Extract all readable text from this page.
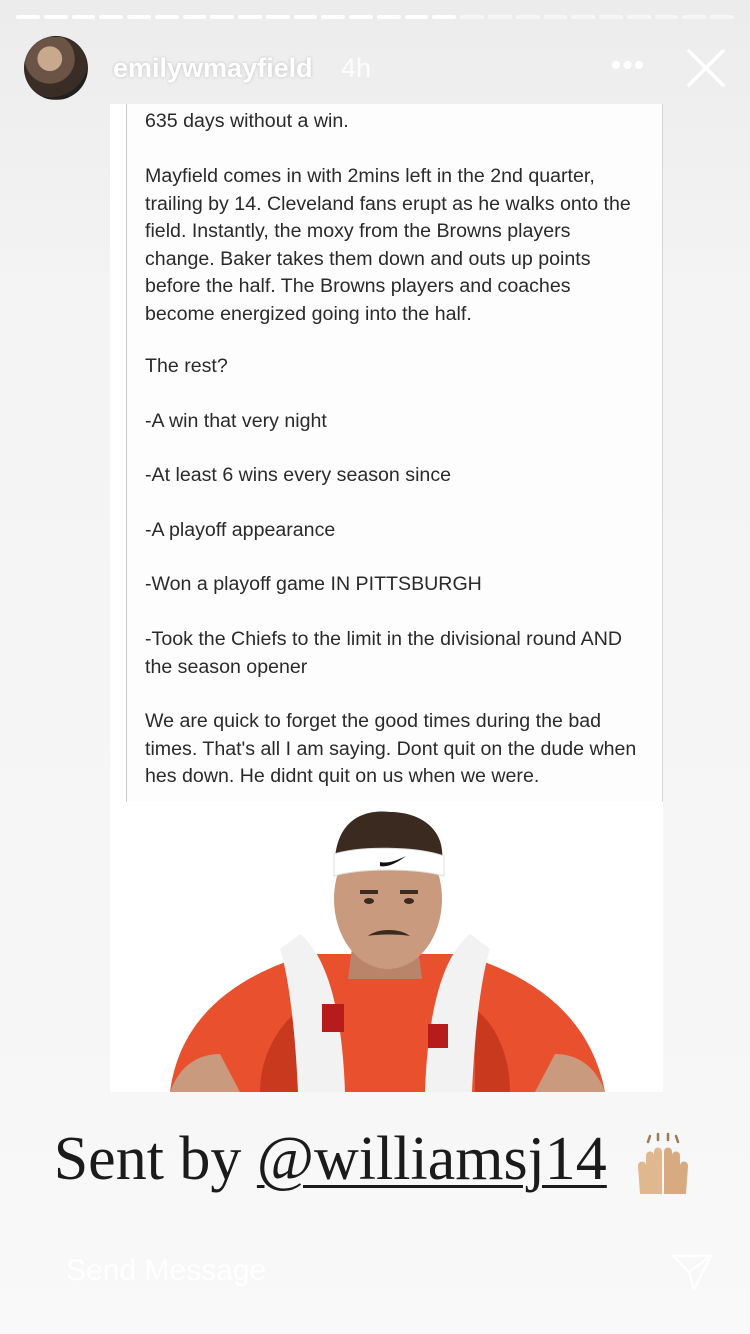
emilywmayfield 4h	•••
635 days without a win.
Mayfield comes in with 2mins left in the 2nd quarter, trailing by 14. Cleveland fans erupt as he walks onto the field. Instantly, the moxy from the Browns players change. Baker takes them down and outs up points before the half. The Browns players and coaches become energized going into the half.
The rest?
-A win that very night
-At least 6 wins every season since
-A playoff appearance
-Won a playoff game IN PITTSBURGH
-Took the Chiefs to the limit in the divisional round AND the season opener
We are quick to forget the good times during the bad times. That's all I am saying. Dont quit on the dude when hes down. He didnt quit on us when we were.
Sent by @williamsj14
Send Message
